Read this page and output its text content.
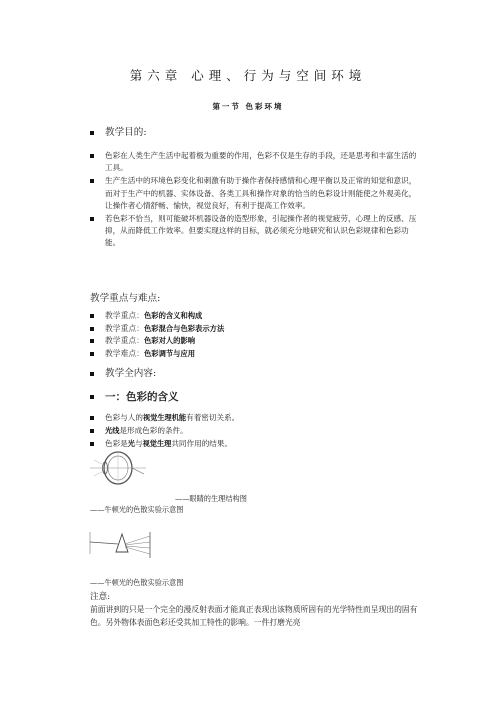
第六章 心理、行为与空间环境
第一节 色彩环境
教学目的:
色彩在人类生产生活中起着极为重要的作用，色彩不仅是生存的手段，还是思考和丰富生活的工具。
生产生活中的环境色彩变化和刺激有助于操作者保持感情和心理平衡以及正常的知觉和意识，而对于生产中的机器、实体设备、各类工具和操作对象的恰当的色彩设计则能使之外观美化，让操作者心情舒畅、愉快，视觉良好，有利于提高工作效率。
若色彩不恰当，则可能破坏机器设备的造型形象，引起操作者的视觉疲劳，心理上的反感、压抑，从而降低工作效率。但要实现这样的目标，就必须充分地研究和认识色彩规律和色彩功能。
教学重点与难点:
教学重点：色彩的含义和构成
教学重点：色彩混合与色彩表示方法
教学重点：色彩对人的影响
教学难点：色彩调节与应用
教学全内容:
一：色彩的含义
色彩与人的视觉生理机能有着密切关系。
光线是形成色彩的条件。
色彩是光与视觉生理共同作用的结果。
——眼睛的生理结构图
——牛顿光的色散实验示意图
——牛顿光的色散实验示意图
注意:
前面讲到的只是一个完全的漫反射表面才能真正表现出该物质所固有的光学特性而呈现出的固有色。另外物体表面色彩还受其加工特性的影响。一件打磨光亮
